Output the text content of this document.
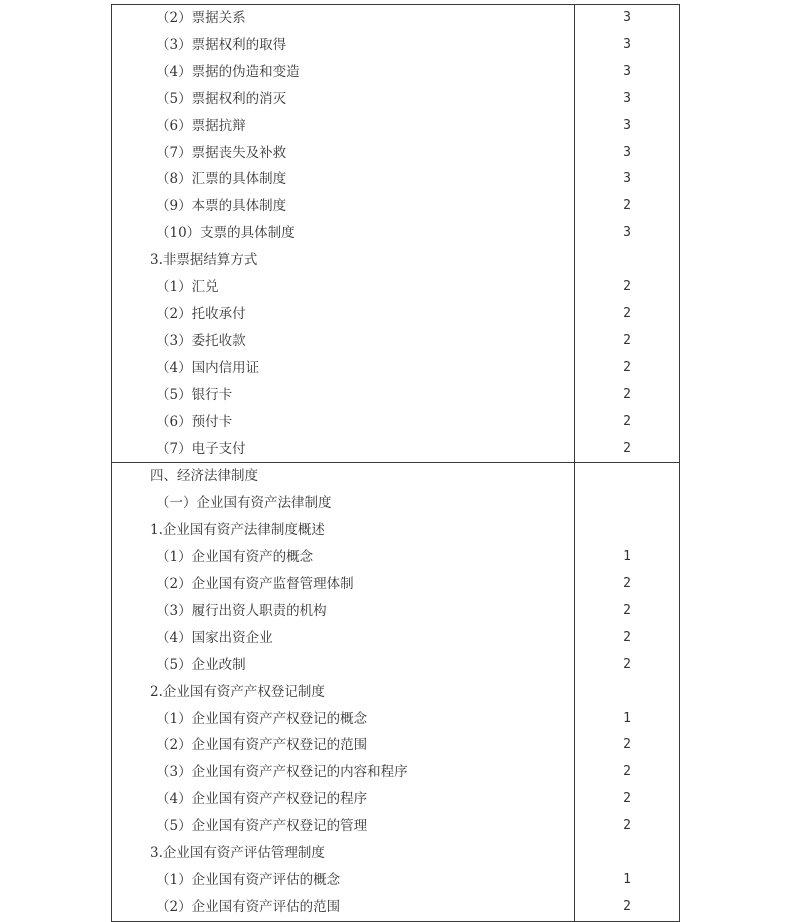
（2）票据关系	3

（3）票据权利的取得	3

（4）票据的伪造和变造	3

（5）票据权利的消灭	3

（6）票据抗辩	3

（7）票据丧失及补救	3

（8）汇票的具体制度	3

（9）本票的具体制度	2

（10）支票的具体制度	3

3.非票据结算方式	

（1）汇兑	2

（2）托收承付	2

（3）委托收款	2

（4）国内信用证	2

（5）银行卡	2

（6）预付卡	2

（7）电子支付	2

四、经济法律制度	

（一）企业国有资产法律制度	

1.企业国有资产法律制度概述	

（1）企业国有资产的概念	1

（2）企业国有资产监督管理体制	2

（3）履行出资人职责的机构	2

（4）国家出资企业	2

（5）企业改制	2

2.企业国有资产产权登记制度	

（1）企业国有资产产权登记的概念	1

（2）企业国有资产产权登记的范围	2

（3）企业国有资产产权登记的内容和程序	2

（4）企业国有资产产权登记的程序	2

（5）企业国有资产产权登记的管理	2

3.企业国有资产评估管理制度	

（1）企业国有资产评估的概念	1

（2）企业国有资产评估的范围	2
